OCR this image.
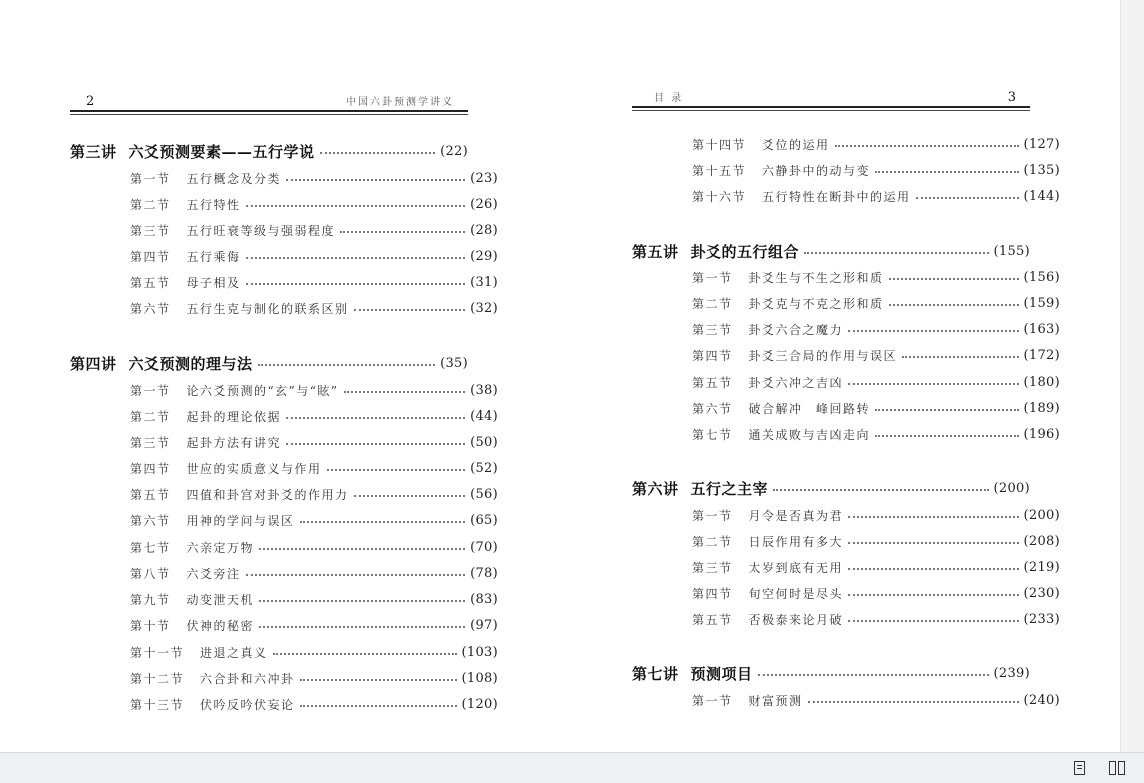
2	中国六卦预测学讲义
第三讲 六爻预测要素——五行学说	(22)
第一节 五行概念及分类	(23)
第二节 五行特性	(26)
第三节 五行旺衰等级与强弱程度	(28)
第四节 五行乘侮	(29)
第五节 母子相及	(31)
第六节 五行生克与制化的联系区别	(32)
第四讲 六爻预测的理与法	(35)
第一节 论六爻预测的“玄”与“眩”	(38)
第二节 起卦的理论依据	(44)
第三节 起卦方法有讲究	(50)
第四节 世应的实质意义与作用	(52)
第五节 四值和卦宫对卦爻的作用力	(56)
第六节 用神的学问与误区	(65)
第七节 六亲定万物	(70)
第八节 六爻旁注	(78)
第九节 动变泄天机	(83)
第十节 伏神的秘密	(97)
第十一节 进退之真义	(103)
第十二节 六合卦和六冲卦	(108)
第十三节 伏吟反吟伏妄论	(120)
目 录	3
第十四节 爻位的运用	(127)
第十五节 六静卦中的动与变	(135)
第十六节 五行特性在断卦中的运用	(144)
第五讲 卦爻的五行组合	(155)
第一节 卦爻生与不生之形和质	(156)
第二节 卦爻克与不克之形和质	(159)
第三节 卦爻六合之魔力	(163)
第四节 卦爻三合局的作用与误区	(172)
第五节 卦爻六冲之吉凶	(180)
第六节 破合解冲　峰回路转	(189)
第七节 通关成败与吉凶走向	(196)
第六讲 五行之主宰	(200)
第一节 月令是否真为君	(200)
第二节 日辰作用有多大	(208)
第三节 太岁到底有无用	(219)
第四节 旬空何时是尽头	(230)
第五节 否极泰来论月破	(233)
第七讲 预测项目	(239)
第一节 财富预测	(240)
